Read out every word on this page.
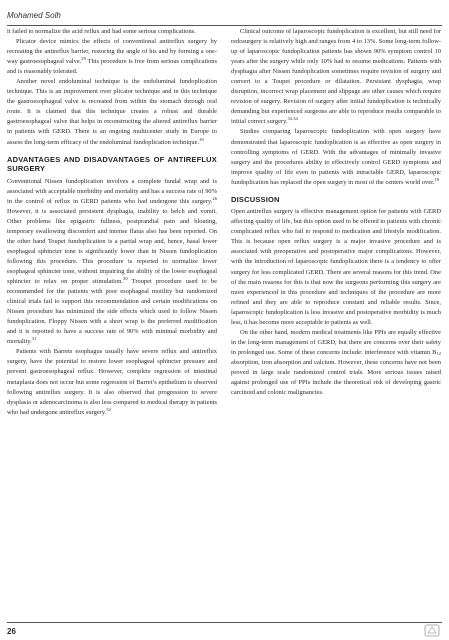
Mohamed Solh

it failed to normalize the acid reflux and had some serious complications.

Plicator device mimics the effects of conventional antireflux surgery by recreating the antireflux barrier, restoring the angle of his and by forming a one-way gastroesophageal valve.$^{29}$ This procedure is free from serious complications and is reasonably tolerated.

Another novel endoluminal technique is the endoluminal fundoplication technique. This is an improvement over plicator technique and in this technique the gastroesophageal valve is recreated from within the stomach through oral route. It is claimed that this technique creates a robust and durable gastroesophageal valve that helps in reconstructing the altered antireflux barrier in patients with GERD. There is an ongoing multicenter study in Europe to assess the long-term efficacy of the endoluminal fundoplication technique.$^{19}$

ADVANTAGES AND DISADVANTAGES OF ANTIREFLUX SURGERY

Conventional Nissen fundoplication involves a complete fundal wrap and is associated with acceptable morbidity and mortality and has a success rate of 90% in the control of reflux in GERD patients who had undergone this surgery.$^{26}$ However, it is associated persistent dysphagia, inability to belch and vomit. Other problems like epigastric fullness, postprandial pain and bloating, temporary swallowing discomfort and intense flatus also has been reported. On the other hand Toupet fundoplication is a partial wrap and, hence, basal lower esophageal sphincter tone is significantly lower than in Nissen fundoplication following this procedure. This procedure is reported to normalize lower esophageal sphincter tone, without impairing the ability of the lower esophageal sphincter to relax on proper stimulation.$^{30}$ Troupet procedure used to be recommended for the patients with poor esophageal motility but randomized clinical trials fail to support this recommendation and certain modifications on Nissen procedure has minimized the side effects which used to follow Nissen fundoplication. Floppy Nissen with a short wrap is the preferred modification and it is reported to have a success rate of 90% with minimal morbidity and mortality.$^{31}$

Patients with Barrets esophagus usually have severe reflux and antireflux surgery, have the potential to restore lower esophageal sphincter pressure and prevent gastroesophageal reflux. However, complete regression of intestinal metaplasia does not occur but some regression of Barret’s epithelium is observed following antireflux surgery. It is also observed that progression to severe dysplasia or adenocarcinoma is also less compared to medical therapy in patients who had undergone antireflux surgery.$^{32}$

Clinical outcome of laparoscopic fundoplication is excellent, but still need for redosurgery is relatively high and ranges from 4 to 13%. Some long-term follow-up of laparoscopic fundoplication patients has shown 90% symptom control 10 years after the surgery while only 10% had to resume medications. Patients with dysphagia after Nissen fundoplication sometimes require revision of surgery and convert to a Toupet procedure or dilatation. Persistant dysphagia, wrap disruption, incorrect wrap placement and slippage are other causes which require revision of surgery. Revision of surgery after initial fundoplication is technically demanding but experienced surgeons are able to reproduce results comparable to initial correct surgery.$^{33,34}$

Studies comparing laparoscopic fundoplication with open surgery have demonstrated that laparoscopic fundoplication is as effective as open surgery in controlling symptoms of GERD. With the advantages of minimally invasive surgery and the procedures ability to effectively control GERD symptoms and improve quality of life even in patients with intractable GERD, laparoscopic fundoplication has replaced the open surgery in most of the centers world over.$^{19}$

DISCUSSION

Open antireflux surgery is effective management option for patients with GERD affecting quality of life, but this option used to be offered to patients with chronic complicated reflux who fail to respond to medication and lifestyle modification. This is because open reflux surgery is a major invasive procedure and is associated with preoperative and postoperative major complications. However, with the introduction of laparoscopic fundoplication there is a tendency to offer surgery for less complicated GERD. There are several reasons for this trend. One of the main reasons for this is that now the surgeons performing this surgery are more experienced in this procedure and techniques of the procedure are more refined and they are able to reproduce constant and reliable results. Since, laparoscopic fundoplication is less invasive and postoperative morbidity is much less, it has become more acceptable to patients as well.

On the other hand, modern medical treatments like PPIs are equally effective in the long-term management of GERD, but there are concerns over their safety in prolonged use. Some of these concerns include: interference with vitamin $B_{12}$ absorption, iron absorption and calcium. However, these concerns have not been proved in large scale randomized control trials. More serious issues raised against prolonged use of PPIs include the theoretical risk of developing gastric carcinoid and colonic malignancies.

26
